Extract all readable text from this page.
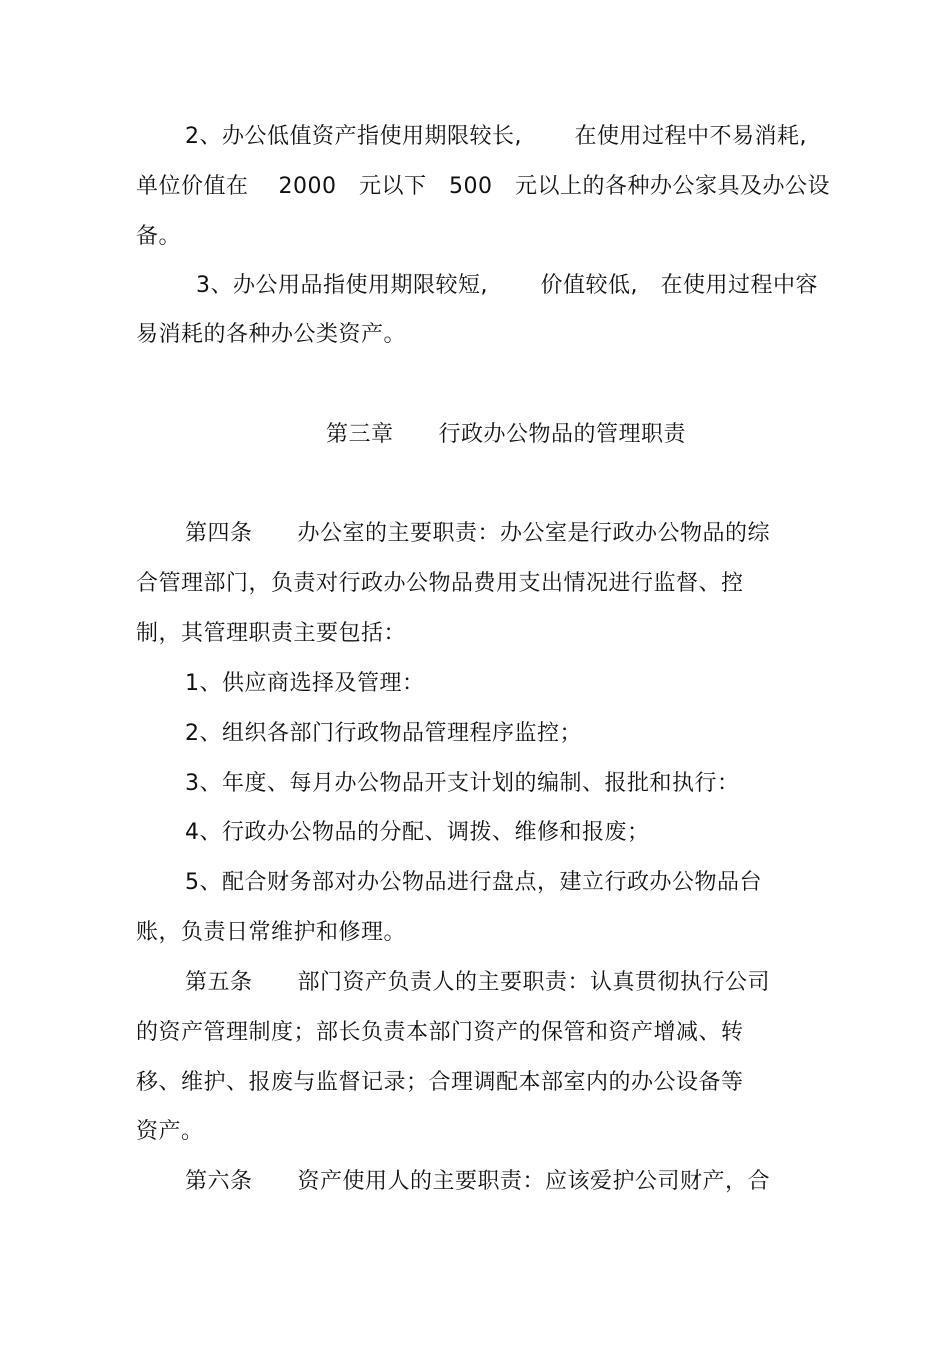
2、办公低值资产指使用期限较长,　　 在使用过程中不易消耗,
单位价值在　 2000　元以下　500　元以上的各种办公家具及办公设
备。
3、办公用品指使用期限较短,　　 价值较低,　在使用过程中容
易消耗的各种办公类资产。
第三章　　行政办公物品的管理职责
第四条　　办公室的主要职责：办公室是行政办公物品的综
合管理部门，负责对行政办公物品费用支出情况进行监督、控
制，其管理职责主要包括：
1、供应商选择及管理：
2、组织各部门行政物品管理程序监控；
3、年度、每月办公物品开支计划的编制、报批和执行：
4、行政办公物品的分配、调拨、维修和报废；
5、配合财务部对办公物品进行盘点，建立行政办公物品台
账，负责日常维护和修理。
第五条　　部门资产负责人的主要职责：认真贯彻执行公司
的资产管理制度；部长负责本部门资产的保管和资产增减、转
移、维护、报废与监督记录；合理调配本部室内的办公设备等
资产。
第六条　　资产使用人的主要职责：应该爱护公司财产，合
